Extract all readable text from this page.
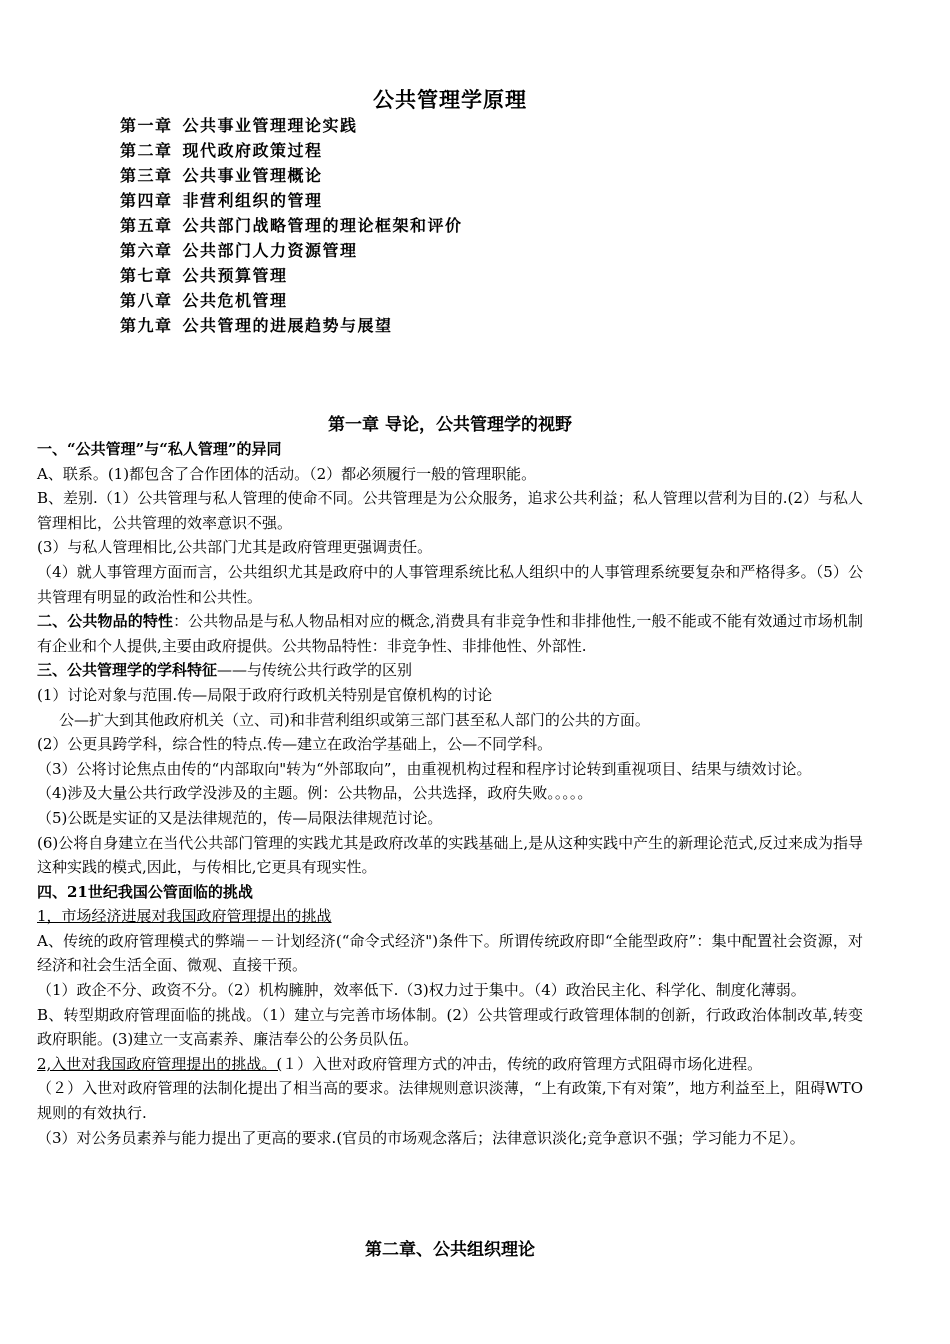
公共管理学原理
第一章 公共事业管理理论实践
第二章 现代政府政策过程
第三章 公共事业管理概论
第四章 非营利组织的管理
第五章 公共部门战略管理的理论框架和评价
第六章 公共部门人力资源管理
第七章 公共预算管理
第八章 公共危机管理
第九章 公共管理的进展趋势与展望
第一章 导论，公共管理学的视野

一、“公共管理”与“私人管理”的异同

A、联系。(1)都包含了合作团体的活动。（2）都必须履行一般的管理职能。

B、差别.（1）公共管理与私人管理的使命不同。公共管理是为公众服务，追求公共利益；私人管理以营利为目的.(2）与私人管理相比，公共管理的效率意识不强。

(3）与私人管理相比,公共部门尤其是政府管理更强调责任。

（4）就人事管理方面而言，公共组织尤其是政府中的人事管理系统比私人组织中的人事管理系统要复杂和严格得多。（5）公共管理有明显的政治性和公共性。

二、公共物品的特性：公共物品是与私人物品相对应的概念,消费具有非竞争性和非排他性,一般不能或不能有效通过市场机制有企业和个人提供,主要由政府提供。公共物品特性：非竞争性、非排他性、外部性.

三、公共管理学的学科特征——与传统公共行政学的区别

(1）讨论对象与范围.传—局限于政府行政机关特别是官僚机构的讨论

公—扩大到其他政府机关（立、司)和非营利组织或第三部门甚至私人部门的公共的方面。

(2）公更具跨学科，综合性的特点.传—建立在政治学基础上，公—不同学科。

（3）公将讨论焦点由传的“内部取向"转为“外部取向”，由重视机构过程和程序讨论转到重视项目、结果与绩效讨论。

（4)涉及大量公共行政学没涉及的主题。例：公共物品，公共选择，政府失败。。。。。

（5)公既是实证的又是法律规范的，传—局限法律规范讨论。

(6)公将自身建立在当代公共部门管理的实践尤其是政府改革的实践基础上,是从这种实践中产生的新理论范式,反过来成为指导这种实践的模式,因此，与传相比,它更具有现实性。

四、21世纪我国公管面临的挑战

1，市场经济进展对我国政府管理提出的挑战

A、传统的政府管理模式的弊端－－计划经济(“命令式经济")条件下。所谓传统政府即“全能型政府”：集中配置社会资源，对经济和社会生活全面、微观、直接干预。

（1）政企不分、政资不分。（2）机构臃肿，效率低下.（3)权力过于集中。（4）政治民主化、科学化、制度化薄弱。

B、转型期政府管理面临的挑战。（1）建立与完善市场体制。(2）公共管理或行政管理体制的创新，行政政治体制改革,转变政府职能。(3)建立一支高素养、廉洁奉公的公务员队伍。

2,入世对我国政府管理提出的挑战。(１）入世对政府管理方式的冲击，传统的政府管理方式阻碍市场化进程。

（２）入世对政府管理的法制化提出了相当高的要求。法律规则意识淡薄，“上有政策,下有对策”，地方利益至上，阻碍WTO规则的有效执行.

（3）对公务员素养与能力提出了更高的要求.(官员的市场观念落后；法律意识淡化;竞争意识不强；学习能力不足）。

第二章、公共组织理论
